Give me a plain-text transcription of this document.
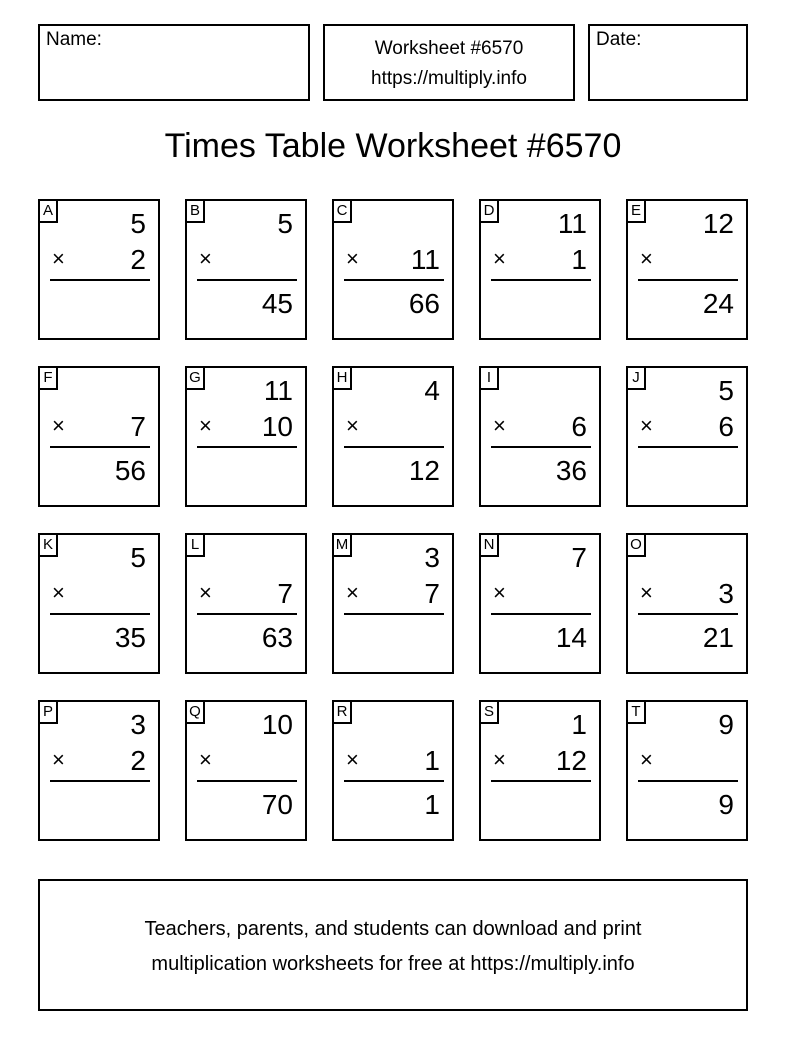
Name:	Worksheet #6570
https://multiply.info
Date:
Times Table Worksheet #6570
A	5
× 2
B	5
×
45
C
× 11
66
D 11
× 1
E 12
×
24
F
× 7
56
G 11
× 10
H	4
×
12
I
× 6
36
J	5
× 6
K	5
×
35
L
× 7
63
M	3
× 7
N	7
×
14
O
× 3
21
P	3
× 2
Q 10
×
70
R
× 1
1
S	1
× 12
T	9
×
9
Teachers, parents, and students can download and print
multiplication worksheets for free at https://multiply.info
